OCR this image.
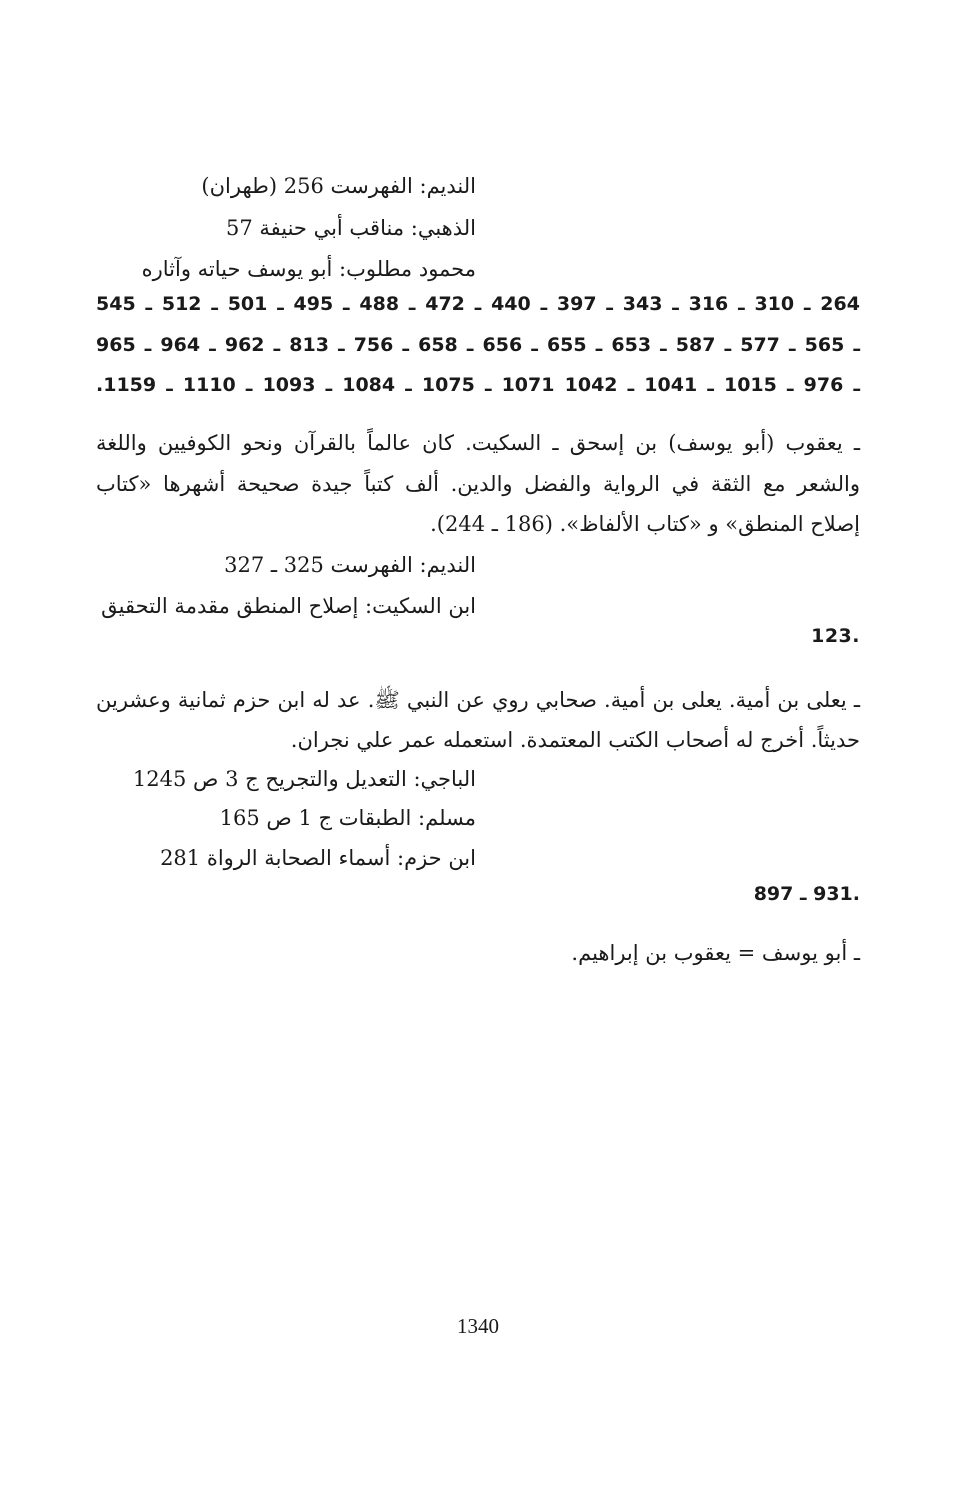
النديم: الفهرست 256 (طهران)
الذهبي: مناقب أبي حنيفة 57
محمود مطلوب: أبو يوسف حياته وآثاره
264 ـ 310 ـ 316 ـ 343 ـ 397 ـ 440 ـ 472 ـ 488 ـ 495 ـ 501 ـ 512 ـ 545
ـ 565 ـ 577 ـ 587 ـ 653 ـ 655 ـ 656 ـ 658 ـ 756 ـ 813 ـ 962 ـ 964 ـ 965
ـ 976 ـ 1015 ـ 1041 ـ 1042 1071 ـ 1075 ـ 1084 ـ 1093 ـ 1110 ـ 1159.
ـ يعقوب (أبو يوسف) بن إسحق ـ السكيت. كان عالماً بالقرآن ونحو الكوفيين واللغة
والشعر مع الثقة في الرواية والفضل والدين. ألف كتباً جيدة صحيحة أشهرها «كتاب
إصلاح المنطق» و «كتاب الألفاظ». (186 ـ 244).
النديم: الفهرست 325 ـ 327
ابن السكيت: إصلاح المنطق مقدمة التحقيق
.123
ـ يعلى بن أمية. يعلى بن أمية. صحابي روي عن النبي ﷺ. عد له ابن حزم ثمانية وعشرين
حديثاً. أخرج له أصحاب الكتب المعتمدة. استعمله عمر علي نجران.
الباجي: التعديل والتجريح ج 3 ص 1245
مسلم: الطبقات ج 1 ص 165
ابن حزم: أسماء الصحابة الرواة 281
.931 ـ 897
ـ أبو يوسف = يعقوب بن إبراهيم.
1340
